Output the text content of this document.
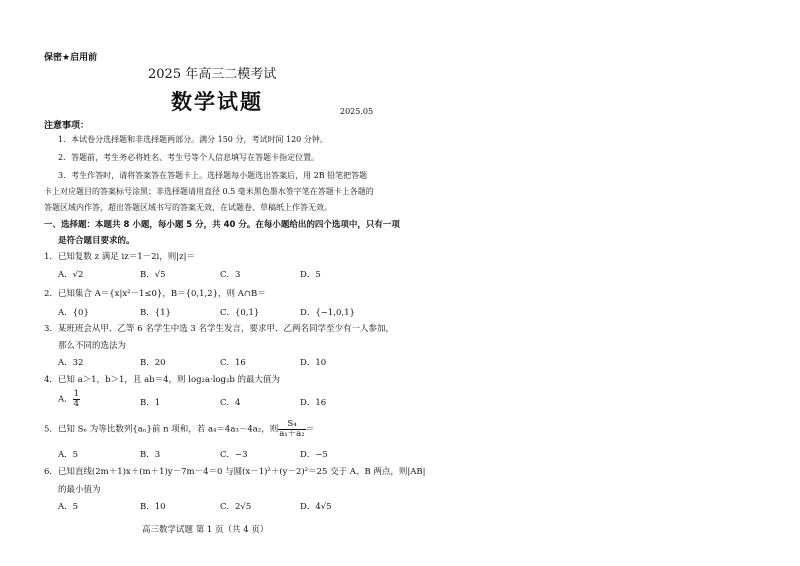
保密★启用前
2025 年高三二模考试
数学试题	2025.05
注意事项：
1．本试卷分选择题和非选择题两部分。满分 150 分，考试时间 120 分钟。
2．答题前，考生务必将姓名、考生号等个人信息填写在答题卡指定位置。
3．考生作答时，请将答案答在答题卡上。选择题每小题选出答案后，用 2B 铅笔把答题
卡上对应题目的答案标号涂黑；非选择题请用直径 0.5 毫米黑色墨水签字笔在答题卡上各题的
答题区域内作答，超出答题区域书写的答案无效，在试题卷、草稿纸上作答无效。
一、选择题：本题共 8 小题，每小题 5 分，共 40 分。在每小题给出的四个选项中，只有一项
是符合题目要求的。
1．已知复数 z 满足 iz＝1－2i，则|z|＝
A．√2	B．√5	C．3	D．5
2．已知集合 A＝{x|x²－1≤0}，B＝{0,1,2}，则 A∩B＝
A．{0}	B．{1}	C．{0,1}	D．{−1,0,1}
3．某班班会从甲、乙等 6 名学生中选 3 名学生发言，要求甲、乙两名同学至少有一人参加，
那么不同的选法为
A．32	B．20	C．16	D．10
4．已知 a＞1，b＞1，且 ab＝4，则 log₂a·log₂b 的最大值为
A． $\frac{1}{4}$	B．1	C．4	D．16
5．已知 Sₙ 为等比数列{aₙ}前 n 项和，若 a₄＝4a₃－4a₂，则 $\frac{\text{S₄}}{\text{a₁＋a₂}}$ ＝
A．5	B．3	C．−3	D．−5
6．已知直线(2m＋1)x＋(m＋1)y－7m－4＝0 与圆(x－1)²＋(y－2)²＝25 交于 A、B 两点，则|AB|
的最小值为
A．5	B．10	C．2√5	D．4√5
高三数学试题 第 1 页（共 4 页）
